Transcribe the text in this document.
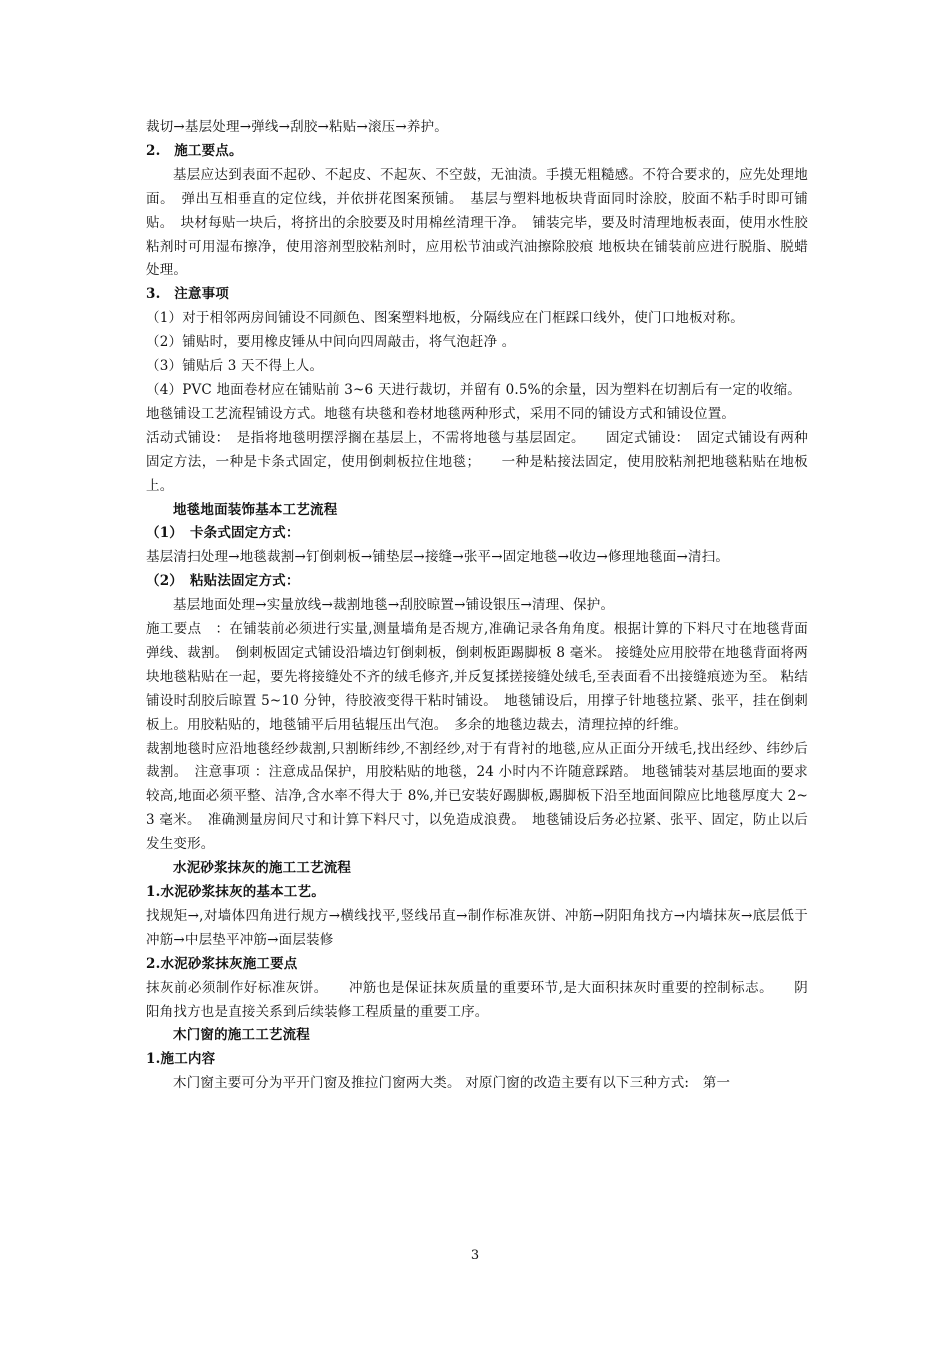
裁切→基层处理→弹线→刮胶→粘贴→滚压→养护。

2.　施工要点。

基层应达到表面不起砂、不起皮、不起灰、不空鼓，无油渍。手摸无粗糙感。不符合要求的，应先处理地面。　弹出互相垂直的定位线，并依拼花图案预铺。　基层与塑料地板块背面同时涂胶，胶面不粘手时即可铺贴。　块材每贴一块后，将挤出的余胶要及时用棉丝清理干净。　铺装完毕，要及时清理地板表面，使用水性胶粘剂时可用湿布擦净，使用溶剂型胶粘剂时，应用松节油或汽油擦除胶痕 地板块在铺装前应进行脱脂、脱蜡处理。

3.　注意事项

（1）对于相邻两房间铺设不同颜色、图案塑料地板，分隔线应在门框踩口线外，使门口地板对称。

（2）铺贴时，要用橡皮锤从中间向四周敲击，将气泡赶净 。

（3）铺贴后 3 天不得上人。

（4）PVC 地面卷材应在铺贴前 3~6 天进行裁切，并留有 0.5%的余量，因为塑料在切割后有一定的收缩。

地毯铺设工艺流程铺设方式。地毯有块毯和卷材地毯两种形式，采用不同的铺设方式和铺设位置。

活动式铺设：　是指将地毯明摆浮搁在基层上，不需将地毯与基层固定。　　固定式铺设：　固定式铺设有两种固定方法，一种是卡条式固定，使用倒刺板拉住地毯；　　一种是粘接法固定，使用胶粘剂把地毯粘贴在地板上。

地毯地面装饰基本工艺流程

（1）　卡条式固定方式：

基层清扫处理→地毯裁割→钉倒刺板→铺垫层→接缝→张平→固定地毯→收边→修理地毯面→清扫。

（2）　粘贴法固定方式：

基层地面处理→实量放线→裁割地毯→刮胶晾置→铺设银压→清理、保护。

施工要点　：在铺装前必须进行实量,测量墙角是否规方,准确记录各角角度。根据计算的下料尺寸在地毯背面弹线、裁割。　倒刺板固定式铺设沿墙边钉倒刺板，倒刺板距踢脚板 8 毫米。 接缝处应用胶带在地毯背面将两块地毯粘贴在一起，要先将接缝处不齐的绒毛修齐,并反复揉搓接缝处绒毛,至表面看不出接缝痕迹为至。 粘结铺设时刮胶后晾置 5~10 分钟，待胶液变得干粘时铺设。　地毯铺设后，用撑子针地毯拉紧、张平，挂在倒刺板上。用胶粘贴的，地毯铺平后用毡辊压出气泡。　多余的地毯边裁去，清理拉掉的纤维。

裁割地毯时应沿地毯经纱裁割,只割断纬纱,不割经纱,对于有背衬的地毯,应从正面分开绒毛,找出经纱、纬纱后裁割。　注意事项 ：注意成品保护，用胶粘贴的地毯，24 小时内不许随意踩踏。 地毯铺装对基层地面的要求较高,地面必须平整、洁净,含水率不得大于 8%,并已安装好踢脚板,踢脚板下沿至地面间隙应比地毯厚度大 2~3 毫米。　准确测量房间尺寸和计算下料尺寸，以免造成浪费。　地毯铺设后务必拉紧、张平、固定，防止以后发生变形。

水泥砂浆抹灰的施工工艺流程

1.水泥砂浆抹灰的基本工艺。

找规矩→,对墙体四角进行规方→横线找平,竖线吊直→制作标准灰饼、冲筋→阴阳角找方→内墙抹灰→底层低于冲筋→中层垫平冲筋→面层装修

2.水泥砂浆抹灰施工要点

抹灰前必须制作好标准灰饼。　　冲筋也是保证抹灰质量的重要环节,是大面积抹灰时重要的控制标志。　　阴阳角找方也是直接关系到后续装修工程质量的重要工序。

木门窗的施工工艺流程

1.施工内容

木门窗主要可分为平开门窗及推拉门窗两大类。 对原门窗的改造主要有以下三种方式:　第一

3
